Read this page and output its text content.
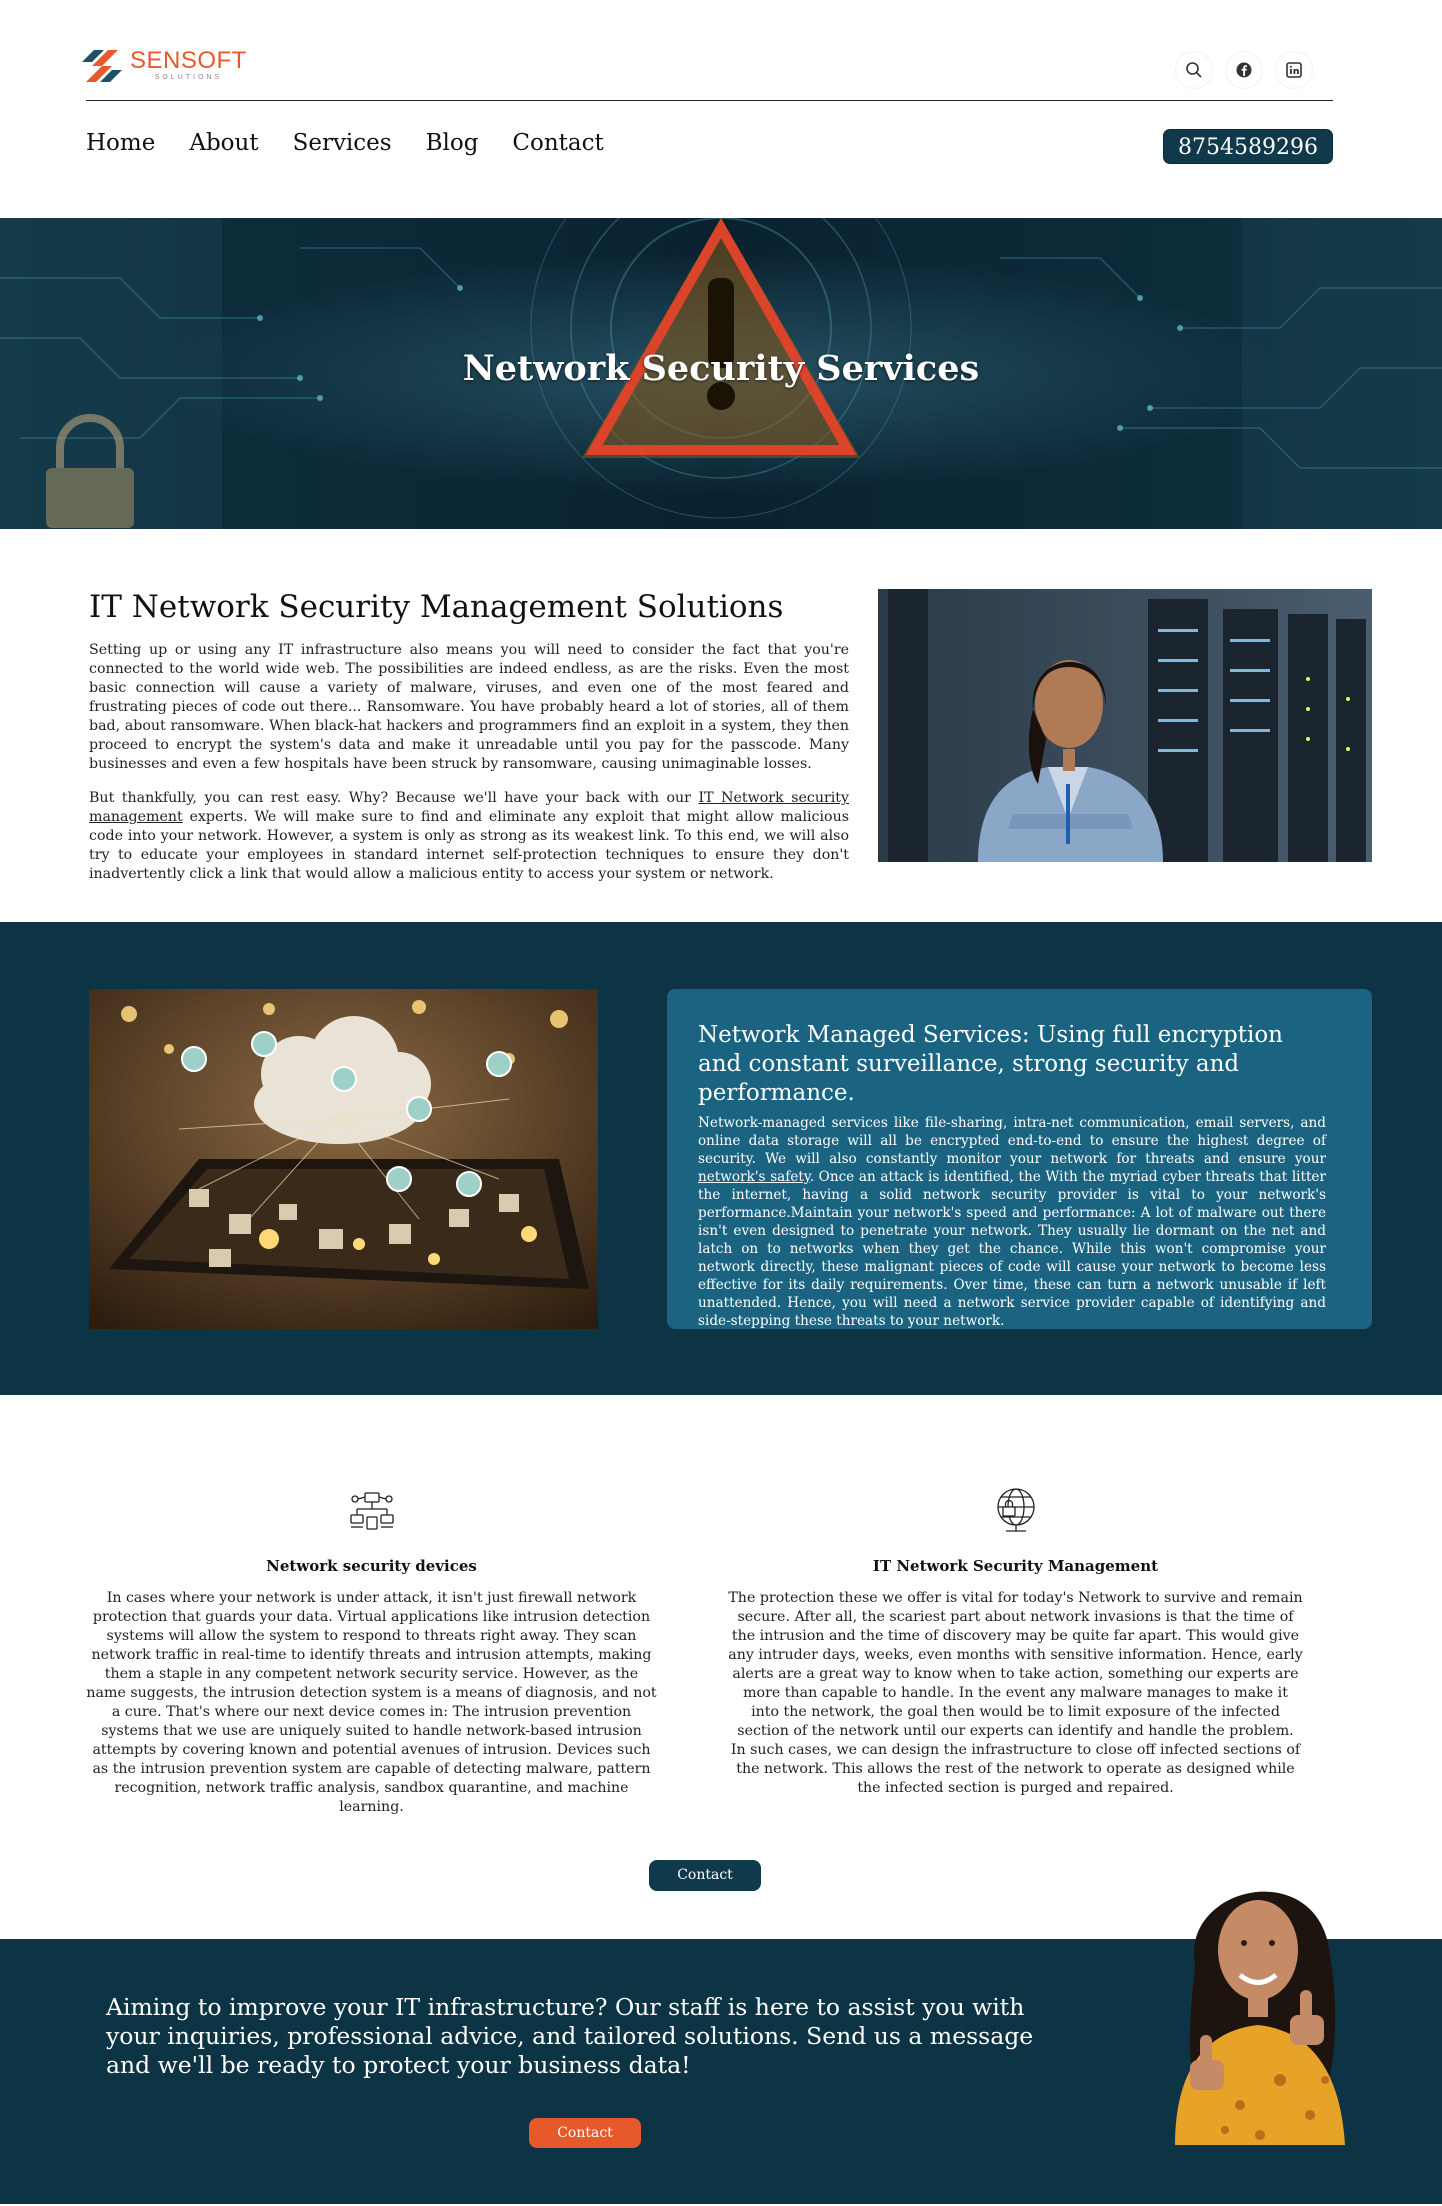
SENSOFT
SOLUTIONS
Home About Services Blog Contact	8754589296
Network Security Services
IT Network Security Management Solutions

Setting up or using any IT infrastructure also means you will need to consider the fact that you're connected to the world wide web. The possibilities are indeed endless, as are the risks. Even the most basic connection will cause a variety of malware, viruses, and even one of the most feared and frustrating pieces of code out there... Ransomware. You have probably heard a lot of stories, all of them bad, about ransomware. When black-hat hackers and programmers find an exploit in a system, they then proceed to encrypt the system's data and make it unreadable until you pay for the passcode. Many businesses and even a few hospitals have been struck by ransomware, causing unimaginable losses.

But thankfully, you can rest easy. Why? Because we'll have your back with our IT Network security management experts. We will make sure to find and eliminate any exploit that might allow malicious code into your network. However, a system is only as strong as its weakest link. To this end, we will also try to educate your employees in standard internet self-protection techniques to ensure they don't inadvertently click a link that would allow a malicious entity to access your system or network.

Network Managed Services: Using full encryption and constant surveillance, strong security and performance.

Network-managed services like file-sharing, intra-net communication, email servers, and online data storage will all be encrypted end-to-end to ensure the highest degree of security. We will also constantly monitor your network for threats and ensure your network's safety. Once an attack is identified, the With the myriad cyber threats that litter the internet, having a solid network security provider is vital to your network's performance.Maintain your network's speed and performance: A lot of malware out there isn't even designed to penetrate your network. They usually lie dormant on the net and latch on to networks when they get the chance. While this won't compromise your network directly, these malignant pieces of code will cause your network to become less effective for its daily requirements. Over time, these can turn a network unusable if left unattended. Hence, you will need a network service provider capable of identifying and side-stepping these threats to your network.

Network security devices

In cases where your network is under attack, it isn't just firewall network protection that guards your data. Virtual applications like intrusion detection systems will allow the system to respond to threats right away. They scan network traffic in real-time to identify threats and intrusion attempts, making them a staple in any competent network security service. However, as the name suggests, the intrusion detection system is a means of diagnosis, and not a cure. That's where our next device comes in: The intrusion prevention systems that we use are uniquely suited to handle network-based intrusion attempts by covering known and potential avenues of intrusion. Devices such as the intrusion prevention system are capable of detecting malware, pattern recognition, network traffic analysis, sandbox quarantine, and machine learning.

IT Network Security Management

The protection these we offer is vital for today's Network to survive and remain secure. After all, the scariest part about network invasions is that the time of the intrusion and the time of discovery may be quite far apart. This would give any intruder days, weeks, even months with sensitive information. Hence, early alerts are a great way to know when to take action, something our experts are more than capable to handle. In the event any malware manages to make it into the network, the goal then would be to limit exposure of the infected section of the network until our experts can identify and handle the problem. In such cases, we can design the infrastructure to close off infected sections of the network. This allows the rest of the network to operate as designed while the infected section is purged and repaired.

Contact

Aiming to improve your IT infrastructure? Our staff is here to assist you with your inquiries, professional advice, and tailored solutions. Send us a message and we'll be ready to protect your business data!

Contact
